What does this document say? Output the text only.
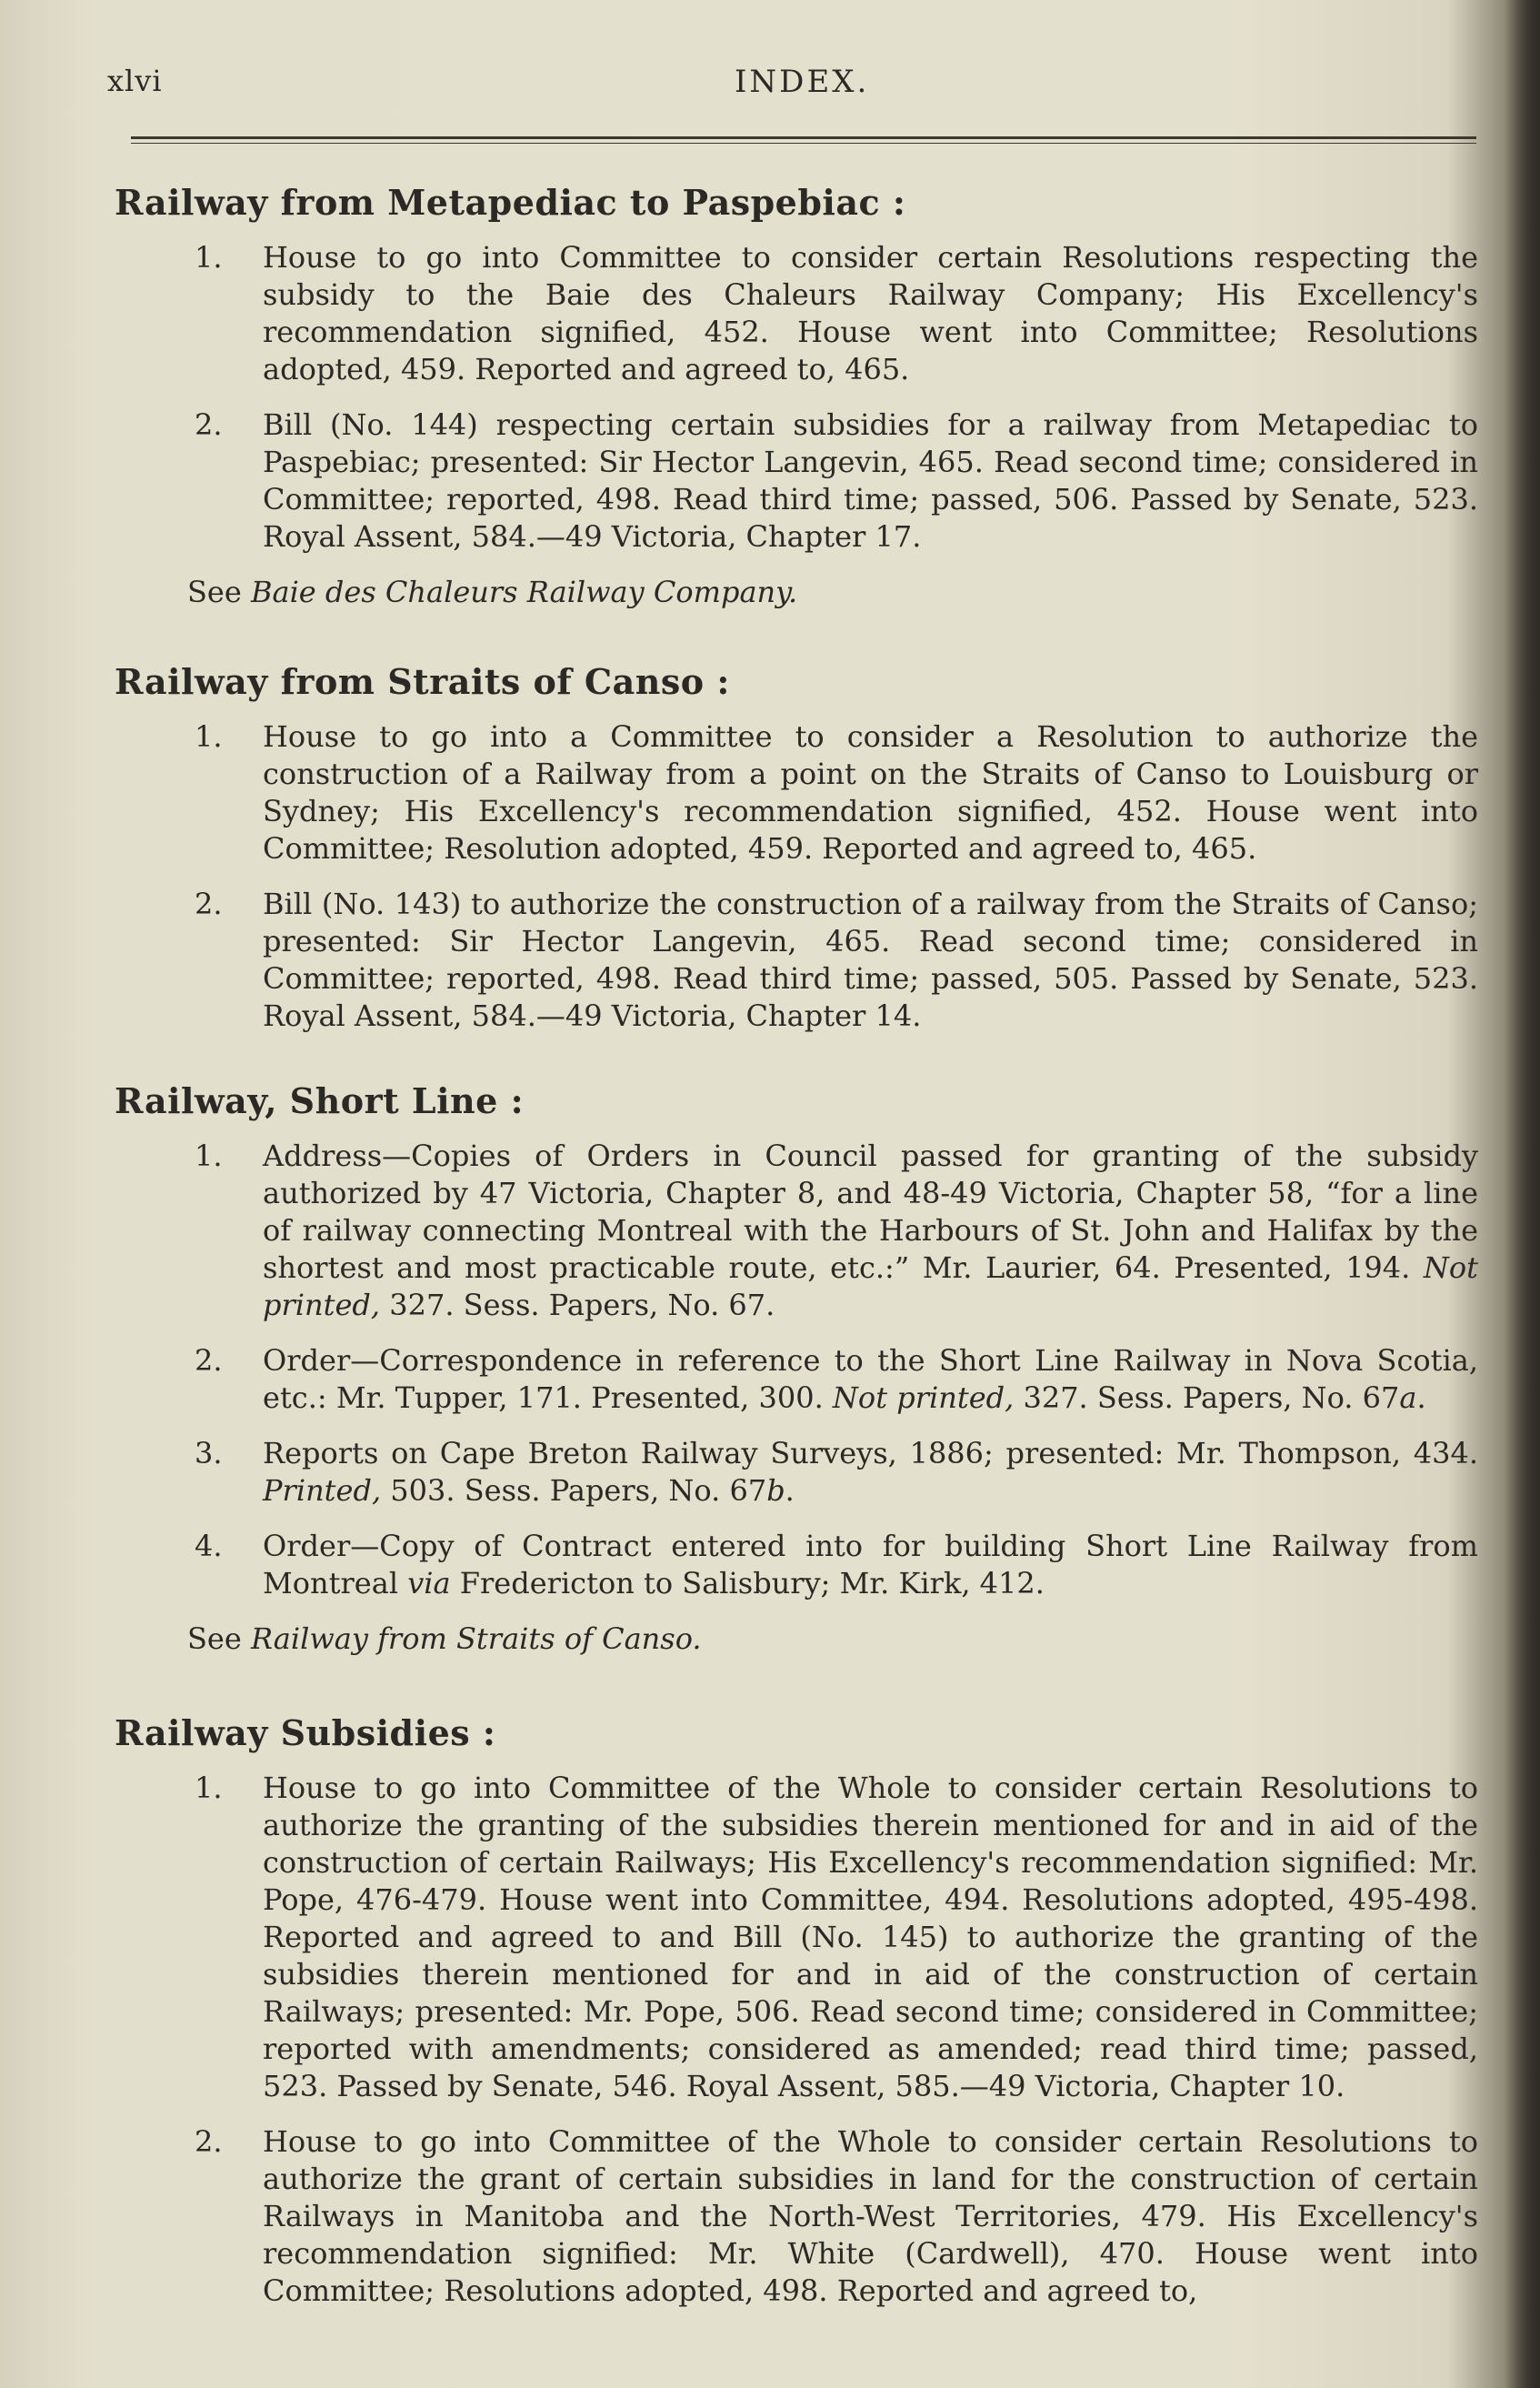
xlvi	INDEX.
Railway from Metapediac to Paspebiac :

1. House to go into Committee to consider certain Resolutions respecting the subsidy to the Baie des Chaleurs Railway Company; His Excellency's recommendation signified, 452. House went into Committee; Resolutions adopted, 459. Reported and agreed to, 465.

2. Bill (No. 144) respecting certain subsidies for a railway from Metapediac to Paspebiac; presented: Sir Hector Langevin, 465. Read second time; considered in Committee; reported, 498. Read third time; passed, 506. Passed by Senate, 523. Royal Assent, 584.—49 Victoria, Chapter 17.

See Baie des Chaleurs Railway Company.

Railway from Straits of Canso :

1. House to go into a Committee to consider a Resolution to authorize the construction of a Railway from a point on the Straits of Canso to Louisburg or Sydney; His Excellency's recommendation signified, 452. House went into Committee; Resolution adopted, 459. Reported and agreed to, 465.

2. Bill (No. 143) to authorize the construction of a railway from the Straits of Canso; presented: Sir Hector Langevin, 465. Read second time; considered in Committee; reported, 498. Read third time; passed, 505. Passed by Senate, 523. Royal Assent, 584.—49 Victoria, Chapter 14.

Railway, Short Line :

1. Address—Copies of Orders in Council passed for granting of the subsidy authorized by 47 Victoria, Chapter 8, and 48-49 Victoria, Chapter 58, “for a line of railway connecting Montreal with the Harbours of St. John and Halifax by the shortest and most practicable route, etc.:” Mr. Laurier, 64. Presented, 194. Not printed, 327. Sess. Papers, No. 67.

2. Order—Correspondence in reference to the Short Line Railway in Nova Scotia, etc.: Mr. Tupper, 171. Presented, 300. Not printed, 327. Sess. Papers, No. 67a.

3. Reports on Cape Breton Railway Surveys, 1886; presented: Mr. Thompson, 434. Printed, 503. Sess. Papers, No. 67b.

4. Order—Copy of Contract entered into for building Short Line Railway from Montreal via Fredericton to Salisbury; Mr. Kirk, 412.

See Railway from Straits of Canso.

Railway Subsidies :

1. House to go into Committee of the Whole to consider certain Resolutions to authorize the granting of the subsidies therein mentioned for and in aid of the construction of certain Railways; His Excellency's recommendation signified: Mr. Pope, 476-479. House went into Committee, 494. Resolutions adopted, 495-498. Reported and agreed to and Bill (No. 145) to authorize the granting of the subsidies therein mentioned for and in aid of the construction of certain Railways; presented: Mr. Pope, 506. Read second time; considered in Committee; reported with amendments; considered as amended; read third time; passed, 523. Passed by Senate, 546. Royal Assent, 585.—49 Victoria, Chapter 10.

2. House to go into Committee of the Whole to consider certain Resolutions to authorize the grant of certain subsidies in land for the construction of certain Railways in Manitoba and the North-West Territories, 479. His Excellency's recommendation signified: Mr. White (Cardwell), 470. House went into Committee; Resolutions adopted, 498. Reported and agreed to,
